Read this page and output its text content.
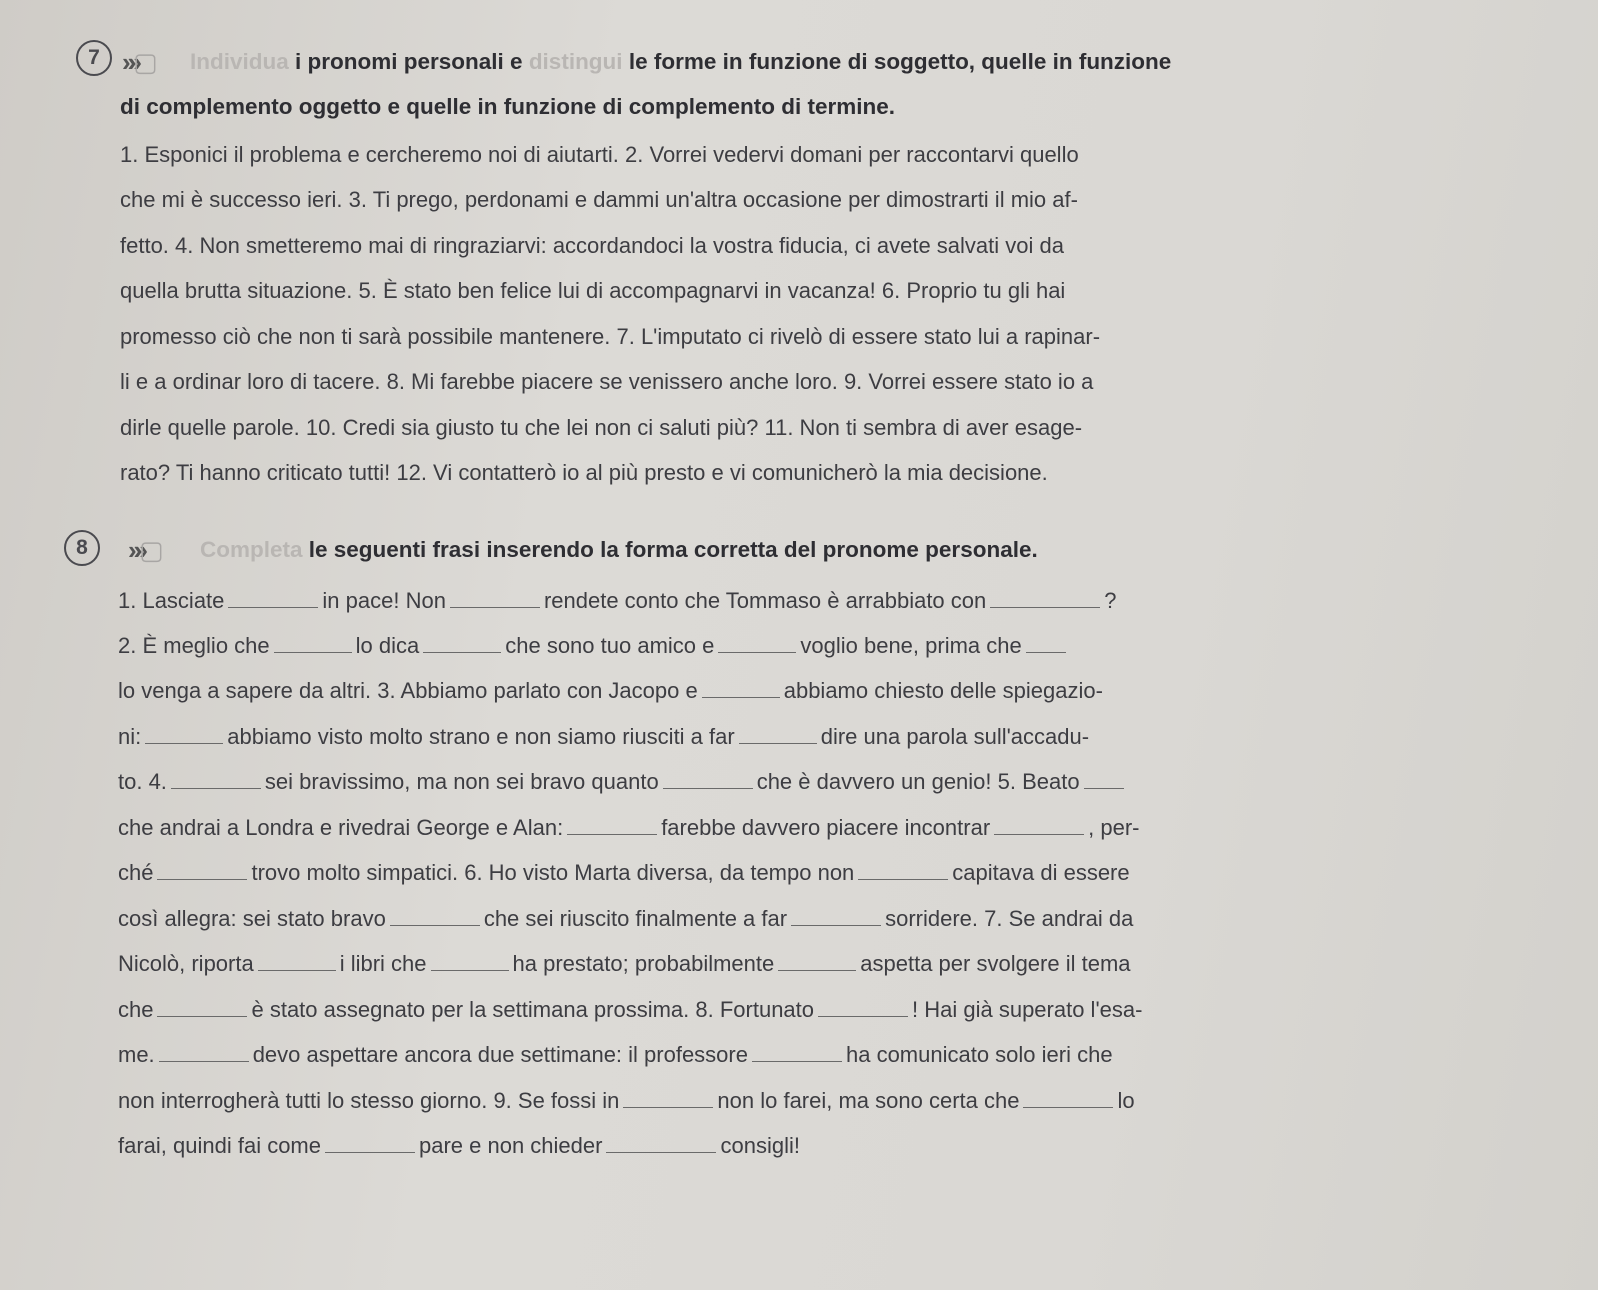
7 »»▢ Individua i pronomi personali e distingui le forme in funzione di soggetto, quelle in funzione
di complemento oggetto e quelle in funzione di complemento di termine.
1. Esponici il problema e cercheremo noi di aiutarti. 2. Vorrei vedervi domani per raccontarvi quello
che mi è successo ieri. 3. Ti prego, perdonami e dammi un'altra occasione per dimostrarti il mio af-
fetto. 4. Non smetteremo mai di ringraziarvi: accordandoci la vostra fiducia, ci avete salvati voi da
quella brutta situazione. 5. È stato ben felice lui di accompagnarvi in vacanza! 6. Proprio tu gli hai
promesso ciò che non ti sarà possibile mantenere. 7. L'imputato ci rivelò di essere stato lui a rapinar-
li e a ordinar loro di tacere. 8. Mi farebbe piacere se venissero anche loro. 9. Vorrei essere stato io a
dirle quelle parole. 10. Credi sia giusto tu che lei non ci saluti più? 11. Non ti sembra di aver esage-
rato? Ti hanno criticato tutti! 12. Vi contatterò io al più presto e vi comunicherò la mia decisione.
8	»»▢ Completa le seguenti frasi inserendo la forma corretta del pronome personale.
1. Lasciate	in pace! Non	rendete conto che Tommaso è arrabbiato con	?
2. È meglio che	lo dica	che sono tuo amico e	voglio bene, prima che
lo venga a sapere da altri. 3. Abbiamo parlato con Jacopo e	abbiamo chiesto delle spiegazio-
ni:	abbiamo visto molto strano e non siamo riusciti a far	dire una parola sull'accadu-
to. 4.	sei bravissimo, ma non sei bravo quanto	che è davvero un genio! 5. Beato
che andrai a Londra e rivedrai George e Alan:	farebbe davvero piacere incontrar	, per-
ché	trovo molto simpatici. 6. Ho visto Marta diversa, da tempo non	capitava di essere
così allegra: sei stato bravo	che sei riuscito finalmente a far	sorridere. 7. Se andrai da
Nicolò, riporta	i libri che	ha prestato; probabilmente	aspetta per svolgere il tema
che	è stato assegnato per la settimana prossima. 8. Fortunato	! Hai già superato l'esa-
me.	devo aspettare ancora due settimane: il professore	ha comunicato solo ieri che
non interrogherà tutti lo stesso giorno. 9. Se fossi in	non lo farei, ma sono certa che	lo
farai, quindi fai come	pare e non chieder	consigli!
